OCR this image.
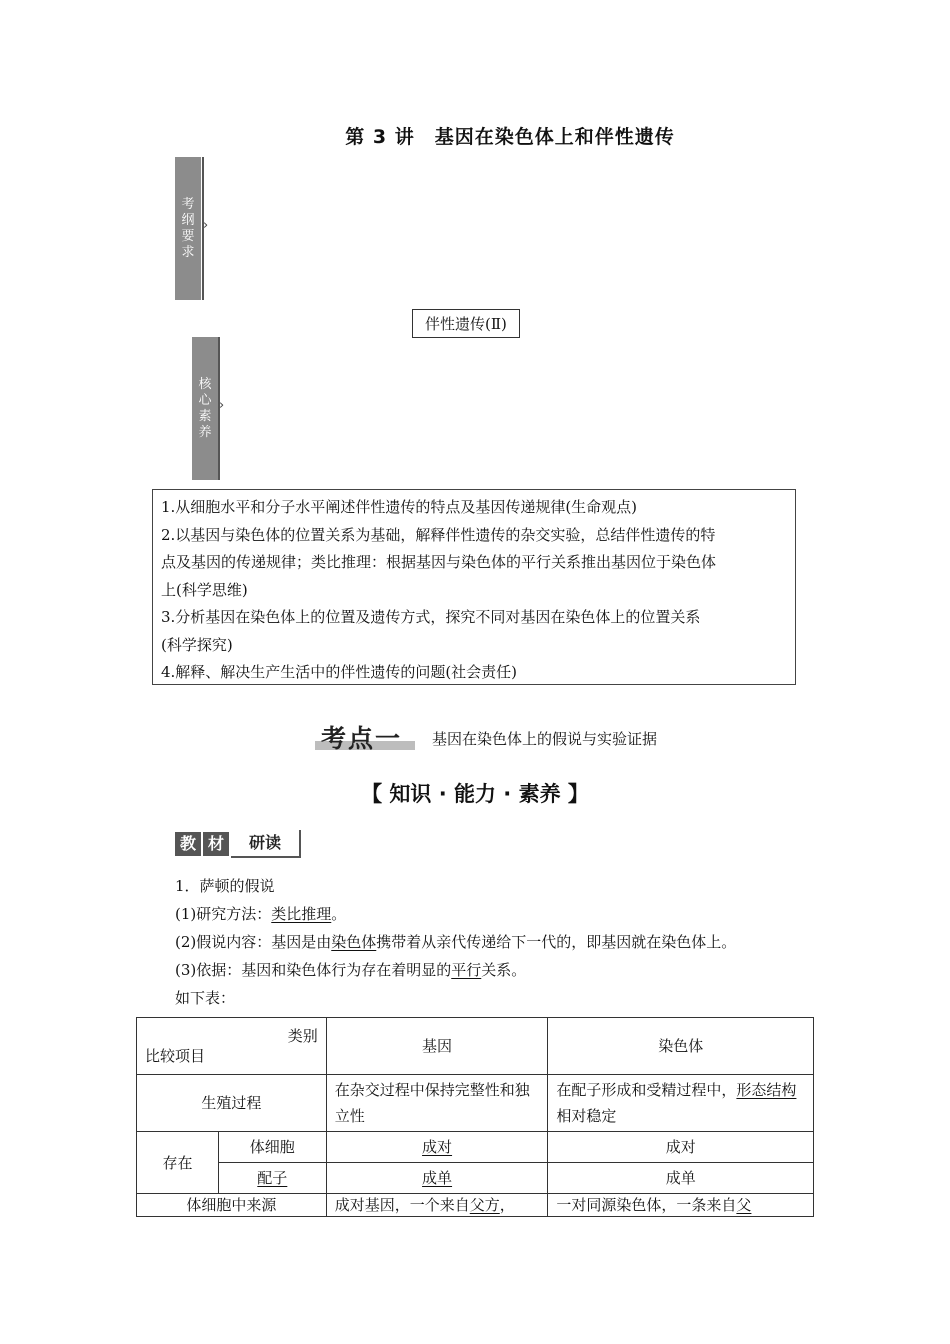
第 3 讲　基因在染色体上和伴性遗传
考纲要求
›
伴性遗传(Ⅱ)
核心素养
›
1.从细胞水平和分子水平阐述伴性遗传的特点及基因传递规律(生命观点)
2.以基因与染色体的位置关系为基础，解释伴性遗传的杂交实验，总结伴性遗传的特
点及基因的传递规律；类比推理：根据基因与染色体的平行关系推出基因位于染色体
上(科学思维)
3.分析基因在染色体上的位置及遗传方式，探究不同对基因在染色体上的位置关系
(科学探究)
4.解释、解决生产生活中的伴性遗传的问题(社会责任)
考点一 基因在染色体上的假说与实验证据
【 知识 · 能力 · 素养 】
教 材	研读
1．萨顿的假说
(1)研究方法：类比推理。
(2)假说内容：基因是由染色体携带着从亲代传递给下一代的，即基因就在染色体上。
(3)依据：基因和染色体行为存在着明显的平行关系。
如下表：
类别
比较项目		基因	染色体
生殖过程		在杂交过程中保持完整性和独立性	在配子形成和受精过程中，形态结构相对稳定
存在	体细胞	成对	成对
	配子	成单	成单
体细胞中来源		成对基因，一个来自父方，	一对同源染色体，一条来自父
